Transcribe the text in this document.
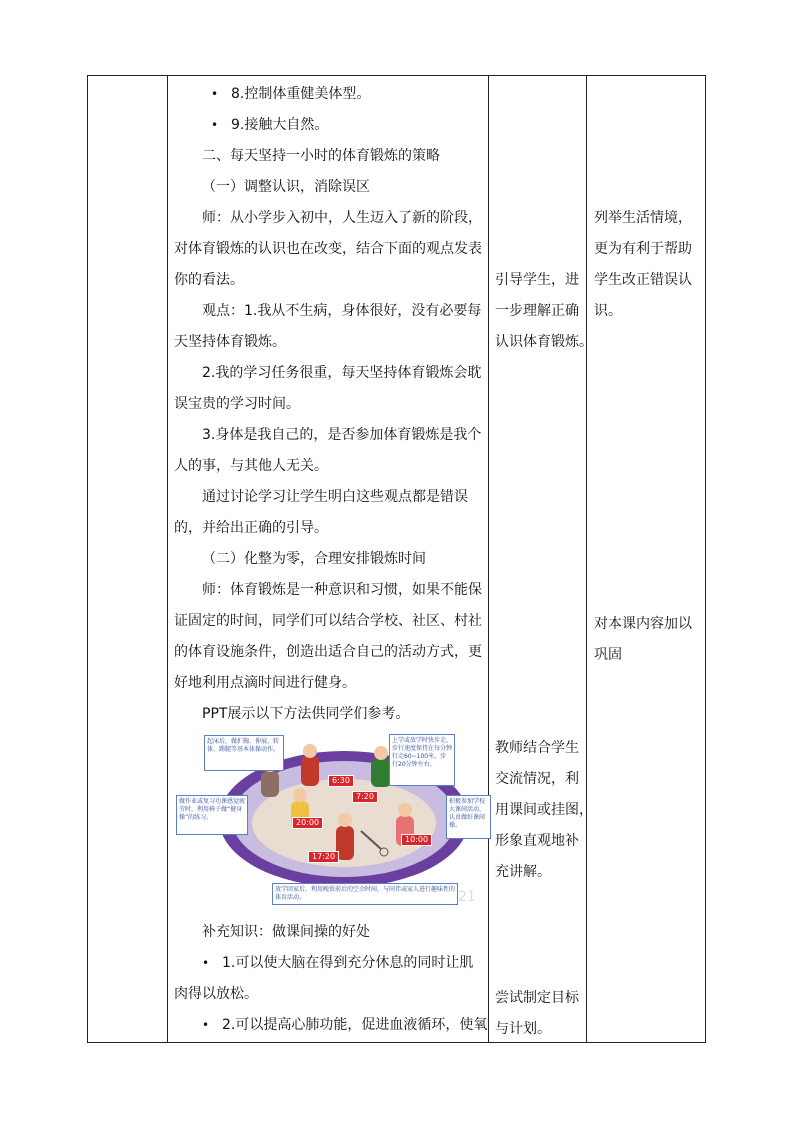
• 8.控制体重健美体型。
• 9.接触大自然。
二、每天坚持一小时的体育锻炼的策略
（一）调整认识，消除误区
师：从小学步入初中，人生迈入了新的阶段，
对体育锻炼的认识也在改变，结合下面的观点发表
你的看法。
观点：1.我从不生病，身体很好，没有必要每
天坚持体育锻炼。
2.我的学习任务很重，每天坚持体育锻炼会耽
误宝贵的学习时间。
3.身体是我自己的，是否参加体育锻炼是我个
人的事，与其他人无关。
通过讨论学习让学生明白这些观点都是错误
的，并给出正确的引导。
（二）化整为零，合理安排锻炼时间
师：体育锻炼是一种意识和习惯，如果不能保
证固定的时间，同学们可以结合学校、社区、村社
的体育设施条件，创造出适合自己的活动方式，更
好地利用点滴时间进行健身。
PPT展示以下方法供同学们参考。
补充知识：做课间操的好处
• 1.可以使大脑在得到充分休息的同时让肌
肉得以放松。
• 2.可以提高心肺功能，促进血液循环，使氧
21
起床后，做扩胸、伸展、转体、踢腿等基本体操动作。
上学或放学时快步走，步行速度保持在每分钟行走60~100米，步行20分钟左右。
做作业或复习功课感觉疲劳时，利用椅子做“健身操”的练习。
积极参加学校大课间活动，认真做好课间操。
放学回家后，利用晚饭前后的空余时间，与同伴或家人进行趣味性的体育活动。
6:30
7:20
20:00
10:00
17:20
引导学生，进
一步理解正确
认识体育锻炼。
教师结合学生
交流情况，利
用课间或挂图，
形象直观地补
充讲解。
尝试制定目标
与计划。
列举生活情境，
更为有利于帮助
学生改正错误认
识。
对本课内容加以
巩固
